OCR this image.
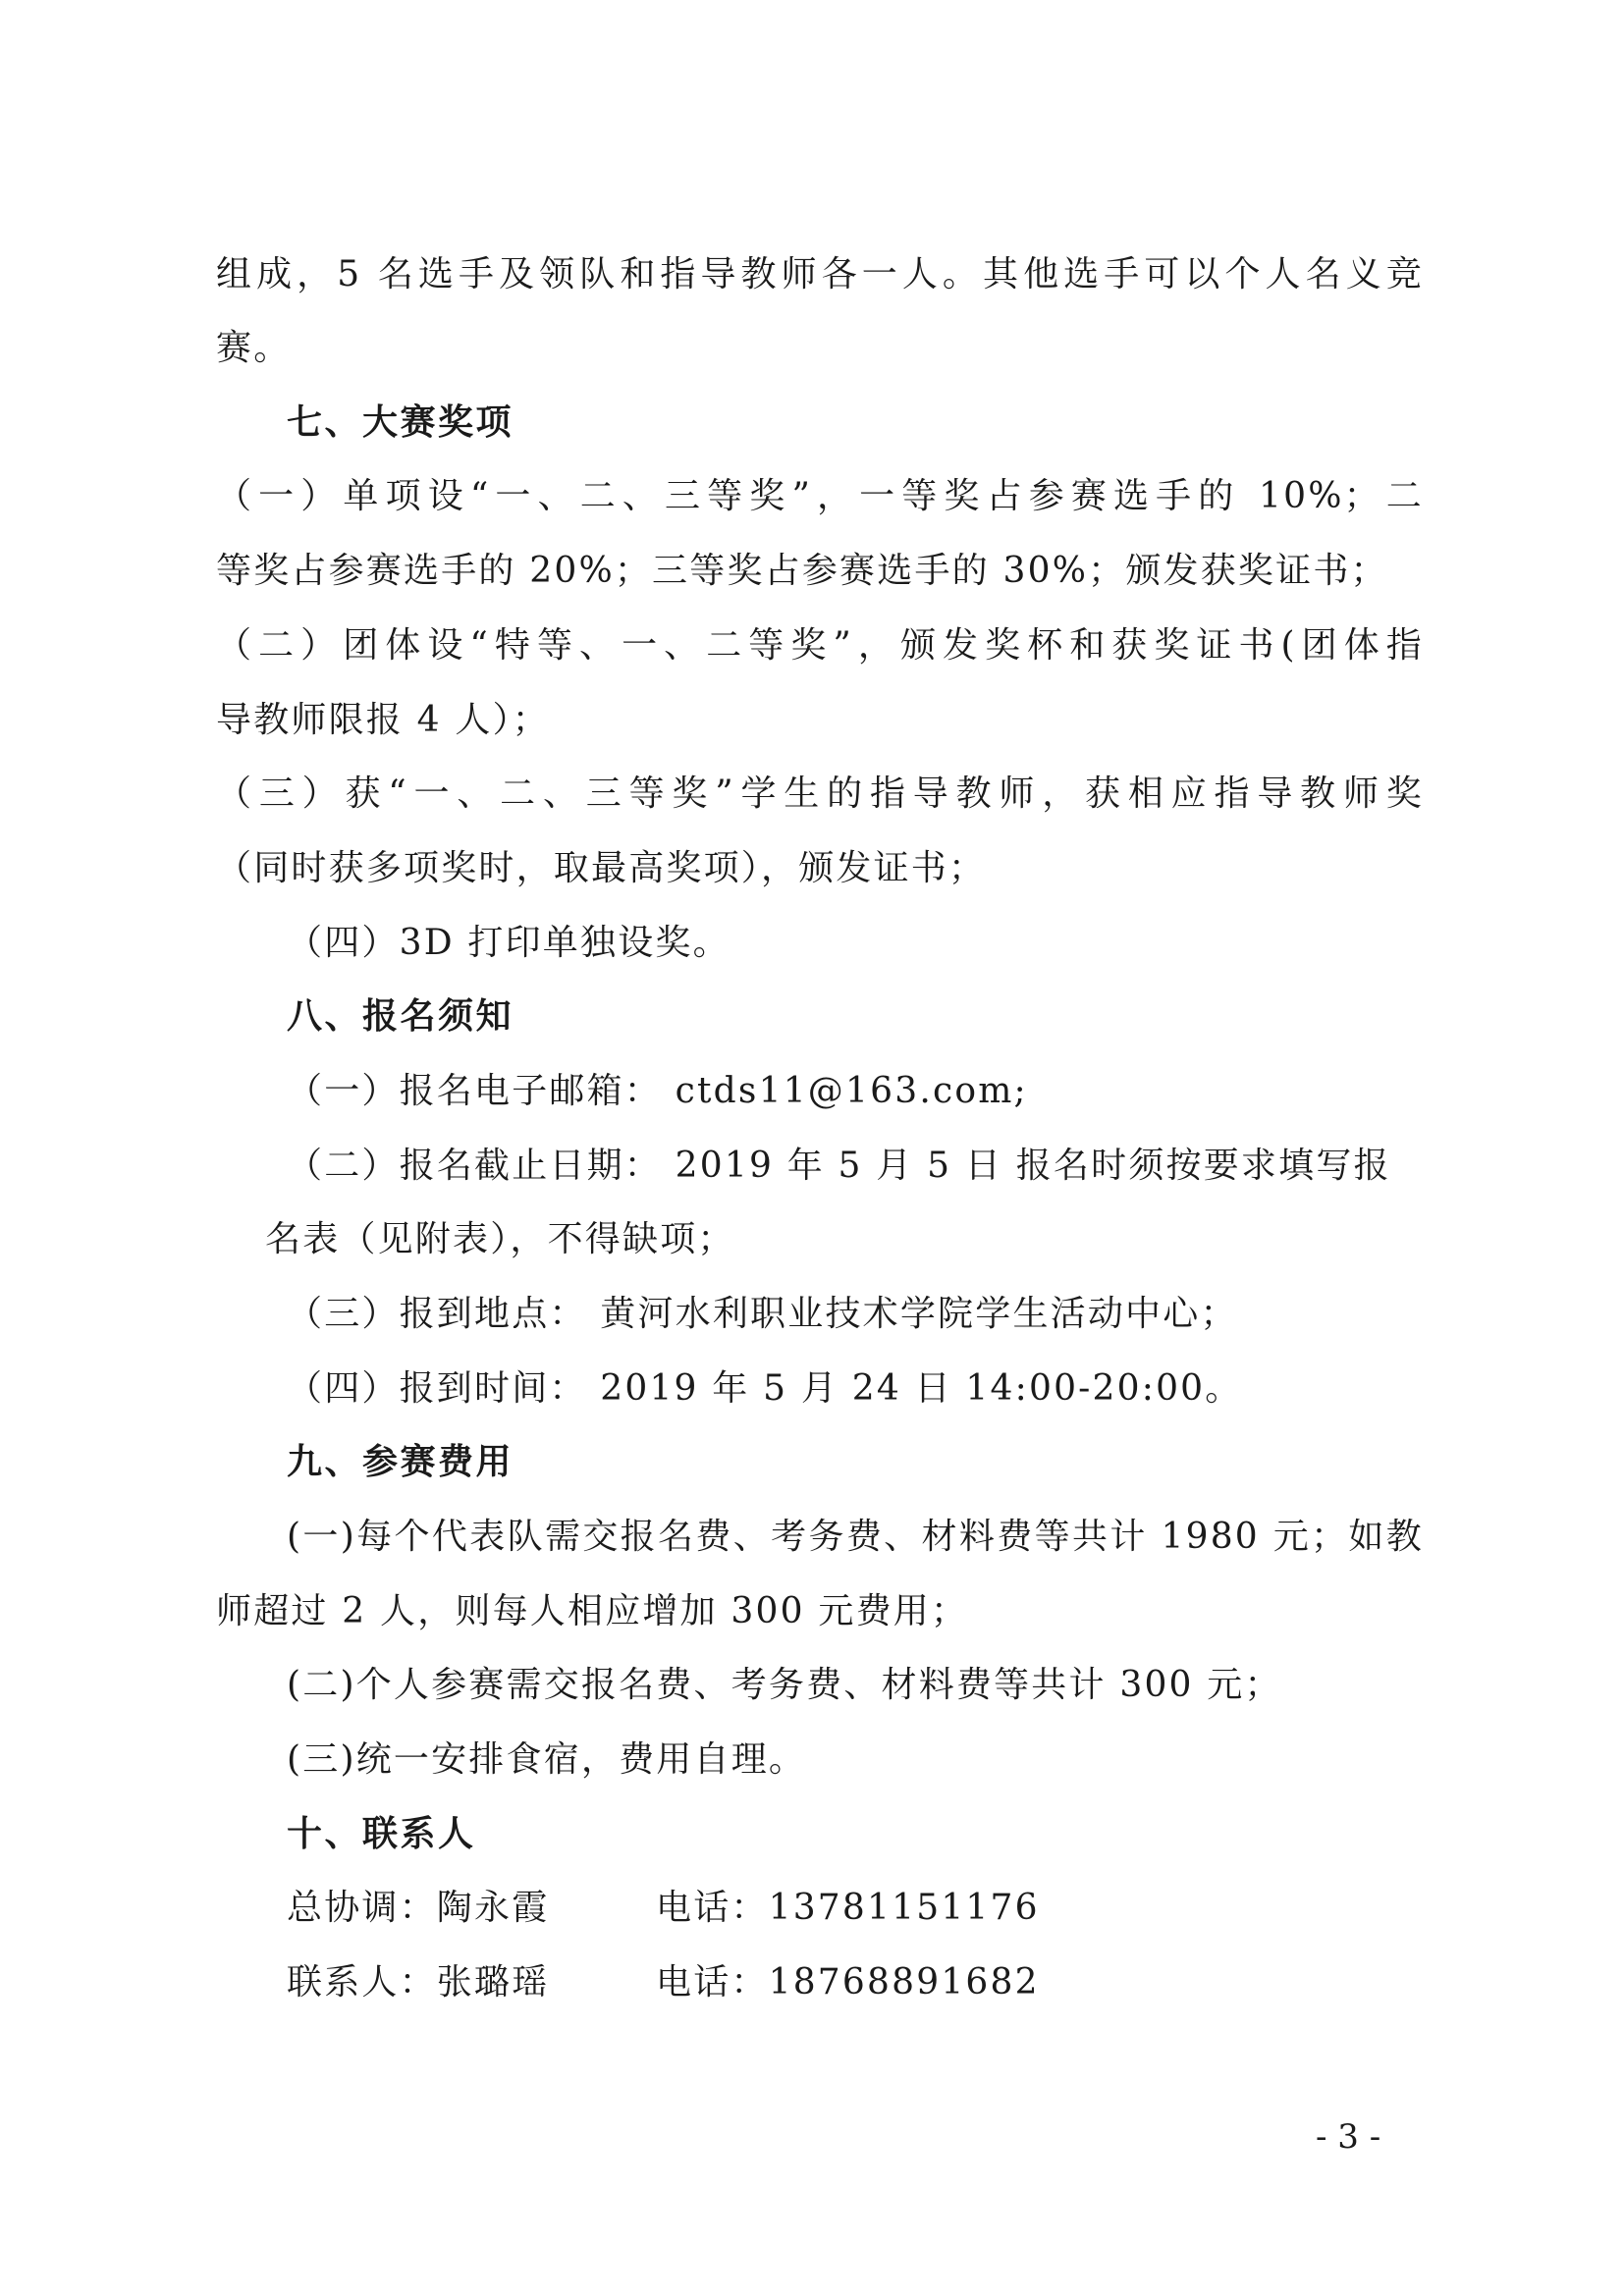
组成，5 名选手及领队和指导教师各一人。其他选手可以个人名义竞
赛。
七、大赛奖项
（一）单项设“一、二、三等奖”，一等奖占参赛选手的 10%；二
等奖占参赛选手的 20%；三等奖占参赛选手的 30%；颁发获奖证书；
（二）团体设“特等、一、二等奖”，颁发奖杯和获奖证书(团体指
导教师限报 4 人）；
（三）获“一、二、三等奖”学生的指导教师，获相应指导教师奖
（同时获多项奖时，取最高奖项），颁发证书；
（四）3D 打印单独设奖。
八、报名须知
（一）报名电子邮箱： ctds11@163.com;
（二）报名截止日期： 2019 年 5 月 5 日 报名时须按要求填写报
名表（见附表），不得缺项；
（三）报到地点： 黄河水利职业技术学院学生活动中心；
（四）报到时间： 2019 年 5 月 24 日 14:00-20:00。
九、参赛费用
(一)每个代表队需交报名费、考务费、材料费等共计 1980 元；如教
师超过 2 人，则每人相应增加 300 元费用；
(二)个人参赛需交报名费、考务费、材料费等共计 300 元；
(三)统一安排食宿，费用自理。
十、联系人
总协调：陶永霞	电话：13781151176
联系人：张璐瑶	电话：18768891682
- 3 -
